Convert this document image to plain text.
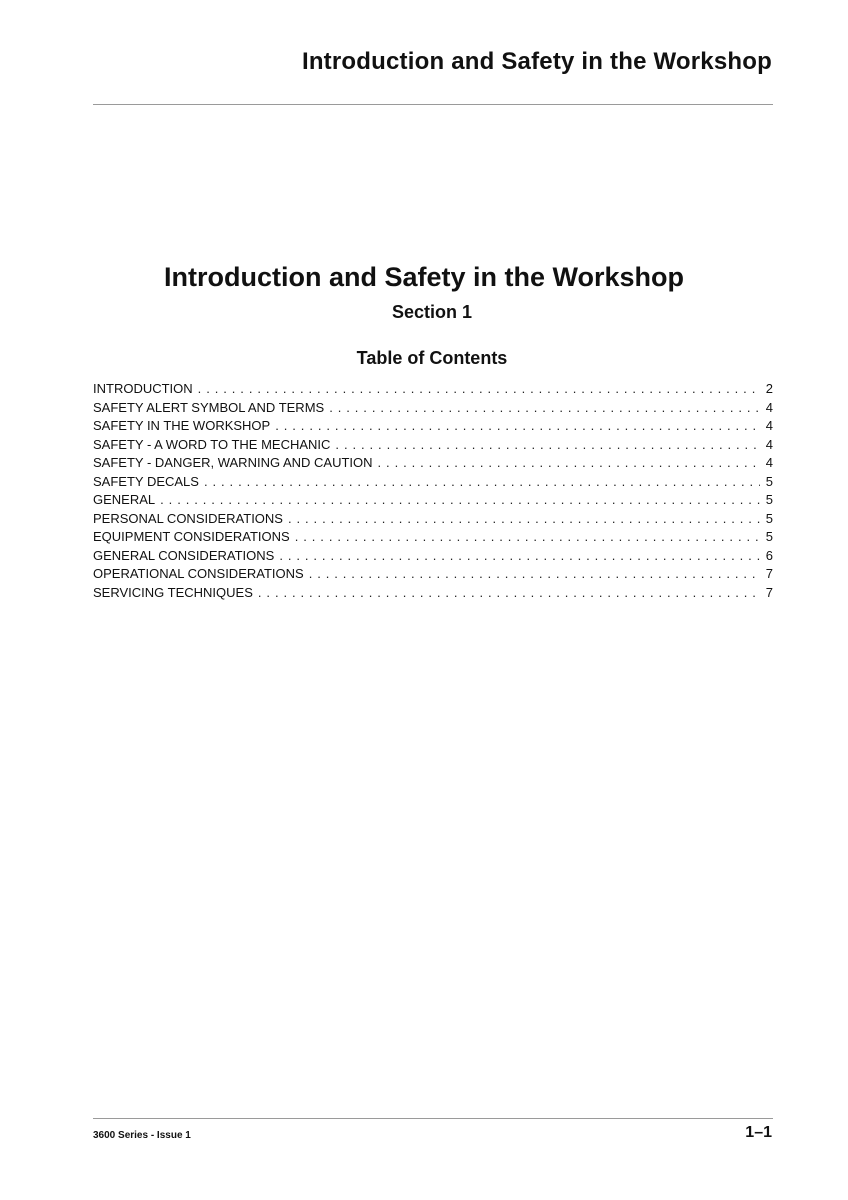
Introduction and Safety in the Workshop
Introduction and Safety in the Workshop
Section 1
Table of Contents
INTRODUCTION . . .	2
SAFETY ALERT SYMBOL AND TERMS . . .	4
SAFETY IN THE WORKSHOP . . .	4
SAFETY - A WORD TO THE MECHANIC . . .	4
SAFETY - DANGER, WARNING AND CAUTION . . .	4
SAFETY DECALS . . .	5
GENERAL . . .	5
PERSONAL CONSIDERATIONS . . .	5
EQUIPMENT CONSIDERATIONS . . .	5
GENERAL CONSIDERATIONS . . .	6
OPERATIONAL CONSIDERATIONS . . .	7
SERVICING TECHNIQUES . . .	7
3600 Series - Issue 1	1–1
